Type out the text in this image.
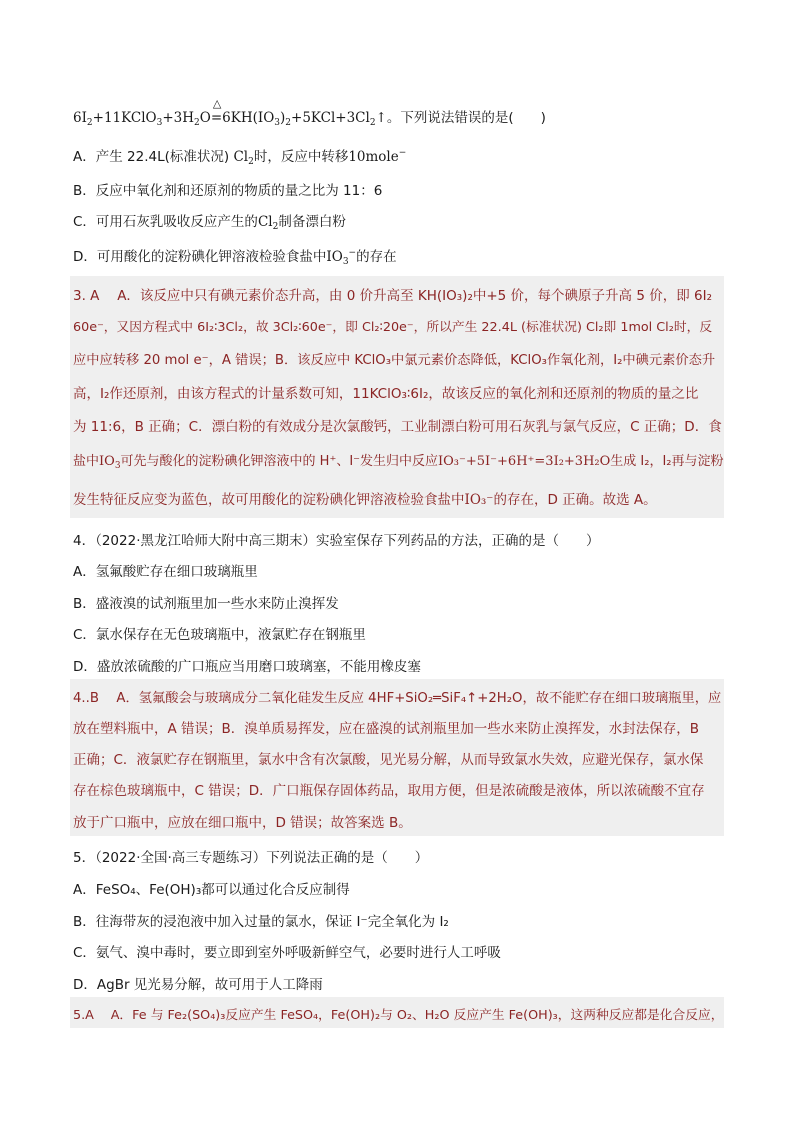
$6I_2+11KClO_3+3H_2O$
△
$=6KH(IO_3)_2+5KCl+3Cl_2↑$。下列说法错误的是(　　)
A．产生 22.4L(标准状况) $Cl_2$时，反应中转移10mole−
B．反应中氧化剂和还原剂的物质的量之比为 11：6
C．可用石灰乳吸收反应产生的$Cl_2$制备漂白粉
D．可用酸化的淀粉碘化钾溶液检验食盐中$IO_3^-$的存在
3. A　 A．该反应中只有碘元素价态升高，由 0 价升高至 KH(IO₃)₂中+5 价，每个碘原子升高 5 价，即 6I₂
60e⁻，又因方程式中 6I₂∶3Cl₂，故 3Cl₂∶60e⁻，即 Cl₂∶20e⁻，所以产生 22.4L (标准状况) Cl₂即 1mol Cl₂时，反
应中应转移 20 mol e⁻，A 错误；B．该反应中 KClO₃中氯元素价态降低，KClO₃作氧化剂，I₂中碘元素价态升
高，I₂作还原剂，由该方程式的计量系数可知，11KClO₃∶6I₂，故该反应的氧化剂和还原剂的物质的量之比
为 11:6，B 正确；C．漂白粉的有效成分是次氯酸钙，工业制漂白粉可用石灰乳与氯气反应，C 正确；D．食
盐中$IO_3$可先与酸化的淀粉碘化钾溶液中的 H⁺、I⁻发生归中反应IO₃⁻+5I⁻+6H⁺=3I₂+3H₂O生成 I₂，I₂再与淀粉
发生特征反应变为蓝色，故可用酸化的淀粉碘化钾溶液检验食盐中IO₃⁻的存在，D 正确。故选 A。
4．（2022·黑龙江哈师大附中高三期末）实验室保存下列药品的方法，正确的是（　　）
A．氢氟酸贮存在细口玻璃瓶里
B．盛液溴的试剂瓶里加一些水来防止溴挥发
C．氯水保存在无色玻璃瓶中，液氯贮存在钢瓶里
D．盛放浓硫酸的广口瓶应当用磨口玻璃塞，不能用橡皮塞
4..B　 A．氢氟酸会与玻璃成分二氧化硅发生反应 4HF+SiO₂═SiF₄↑+2H₂O，故不能贮存在细口玻璃瓶里，应
放在塑料瓶中，A 错误；B．溴单质易挥发，应在盛溴的试剂瓶里加一些水来防止溴挥发，水封法保存，B
正确；C．液氯贮存在钢瓶里，氯水中含有次氯酸，见光易分解，从而导致氯水失效，应避光保存，氯水保
存在棕色玻璃瓶中，C 错误；D．广口瓶保存固体药品，取用方便，但是浓硫酸是液体，所以浓硫酸不宜存
放于广口瓶中，应放在细口瓶中，D 错误；故答案选 B。
5．（2022·全国·高三专题练习）下列说法正确的是（　　）
A．FeSO₄、Fe(OH)₃都可以通过化合反应制得
B．往海带灰的浸泡液中加入过量的氯水，保证 I⁻完全氧化为 I₂
C．氨气、溴中毒时，要立即到室外呼吸新鲜空气，必要时进行人工呼吸
D．AgBr 见光易分解，故可用于人工降雨
5.A　 A．Fe 与 Fe₂(SO₄)₃反应产生 FeSO₄，Fe(OH)₂与 O₂、H₂O 反应产生 Fe(OH)₃，这两种反应都是化合反应，
